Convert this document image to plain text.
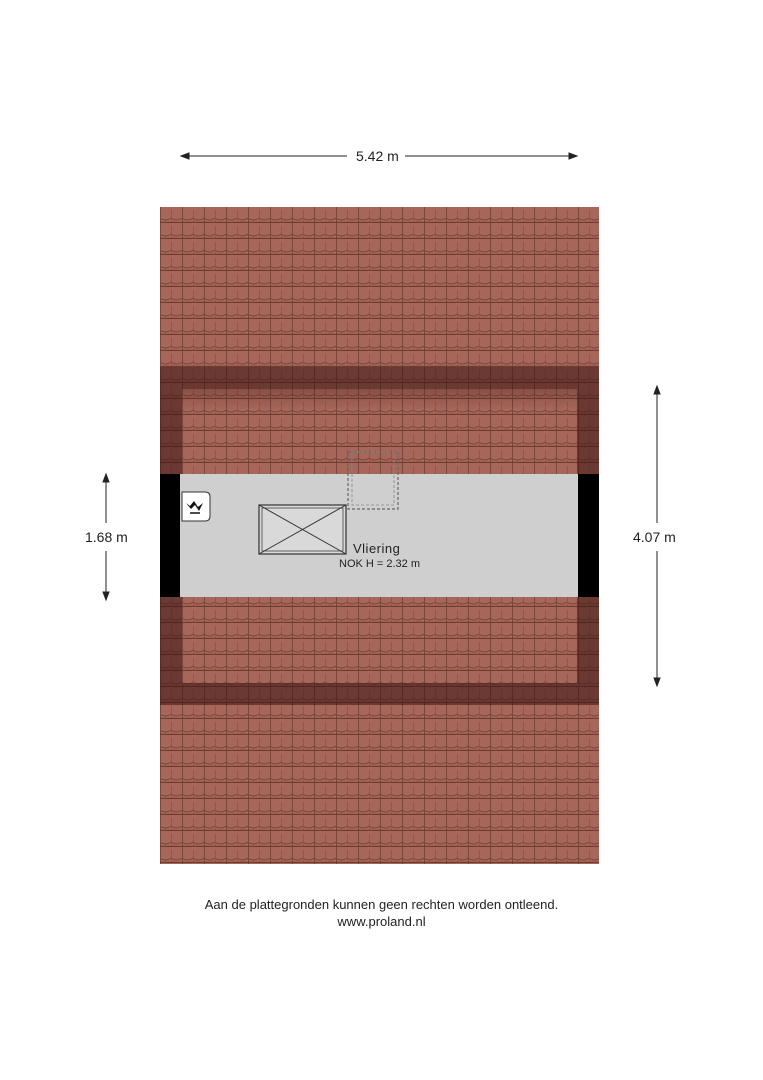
5.42 m
1.68 m	4.07 m
Vliering
NOK H = 2.32 m
Aan de plattegronden kunnen geen rechten worden ontleend.
www.proland.nl
